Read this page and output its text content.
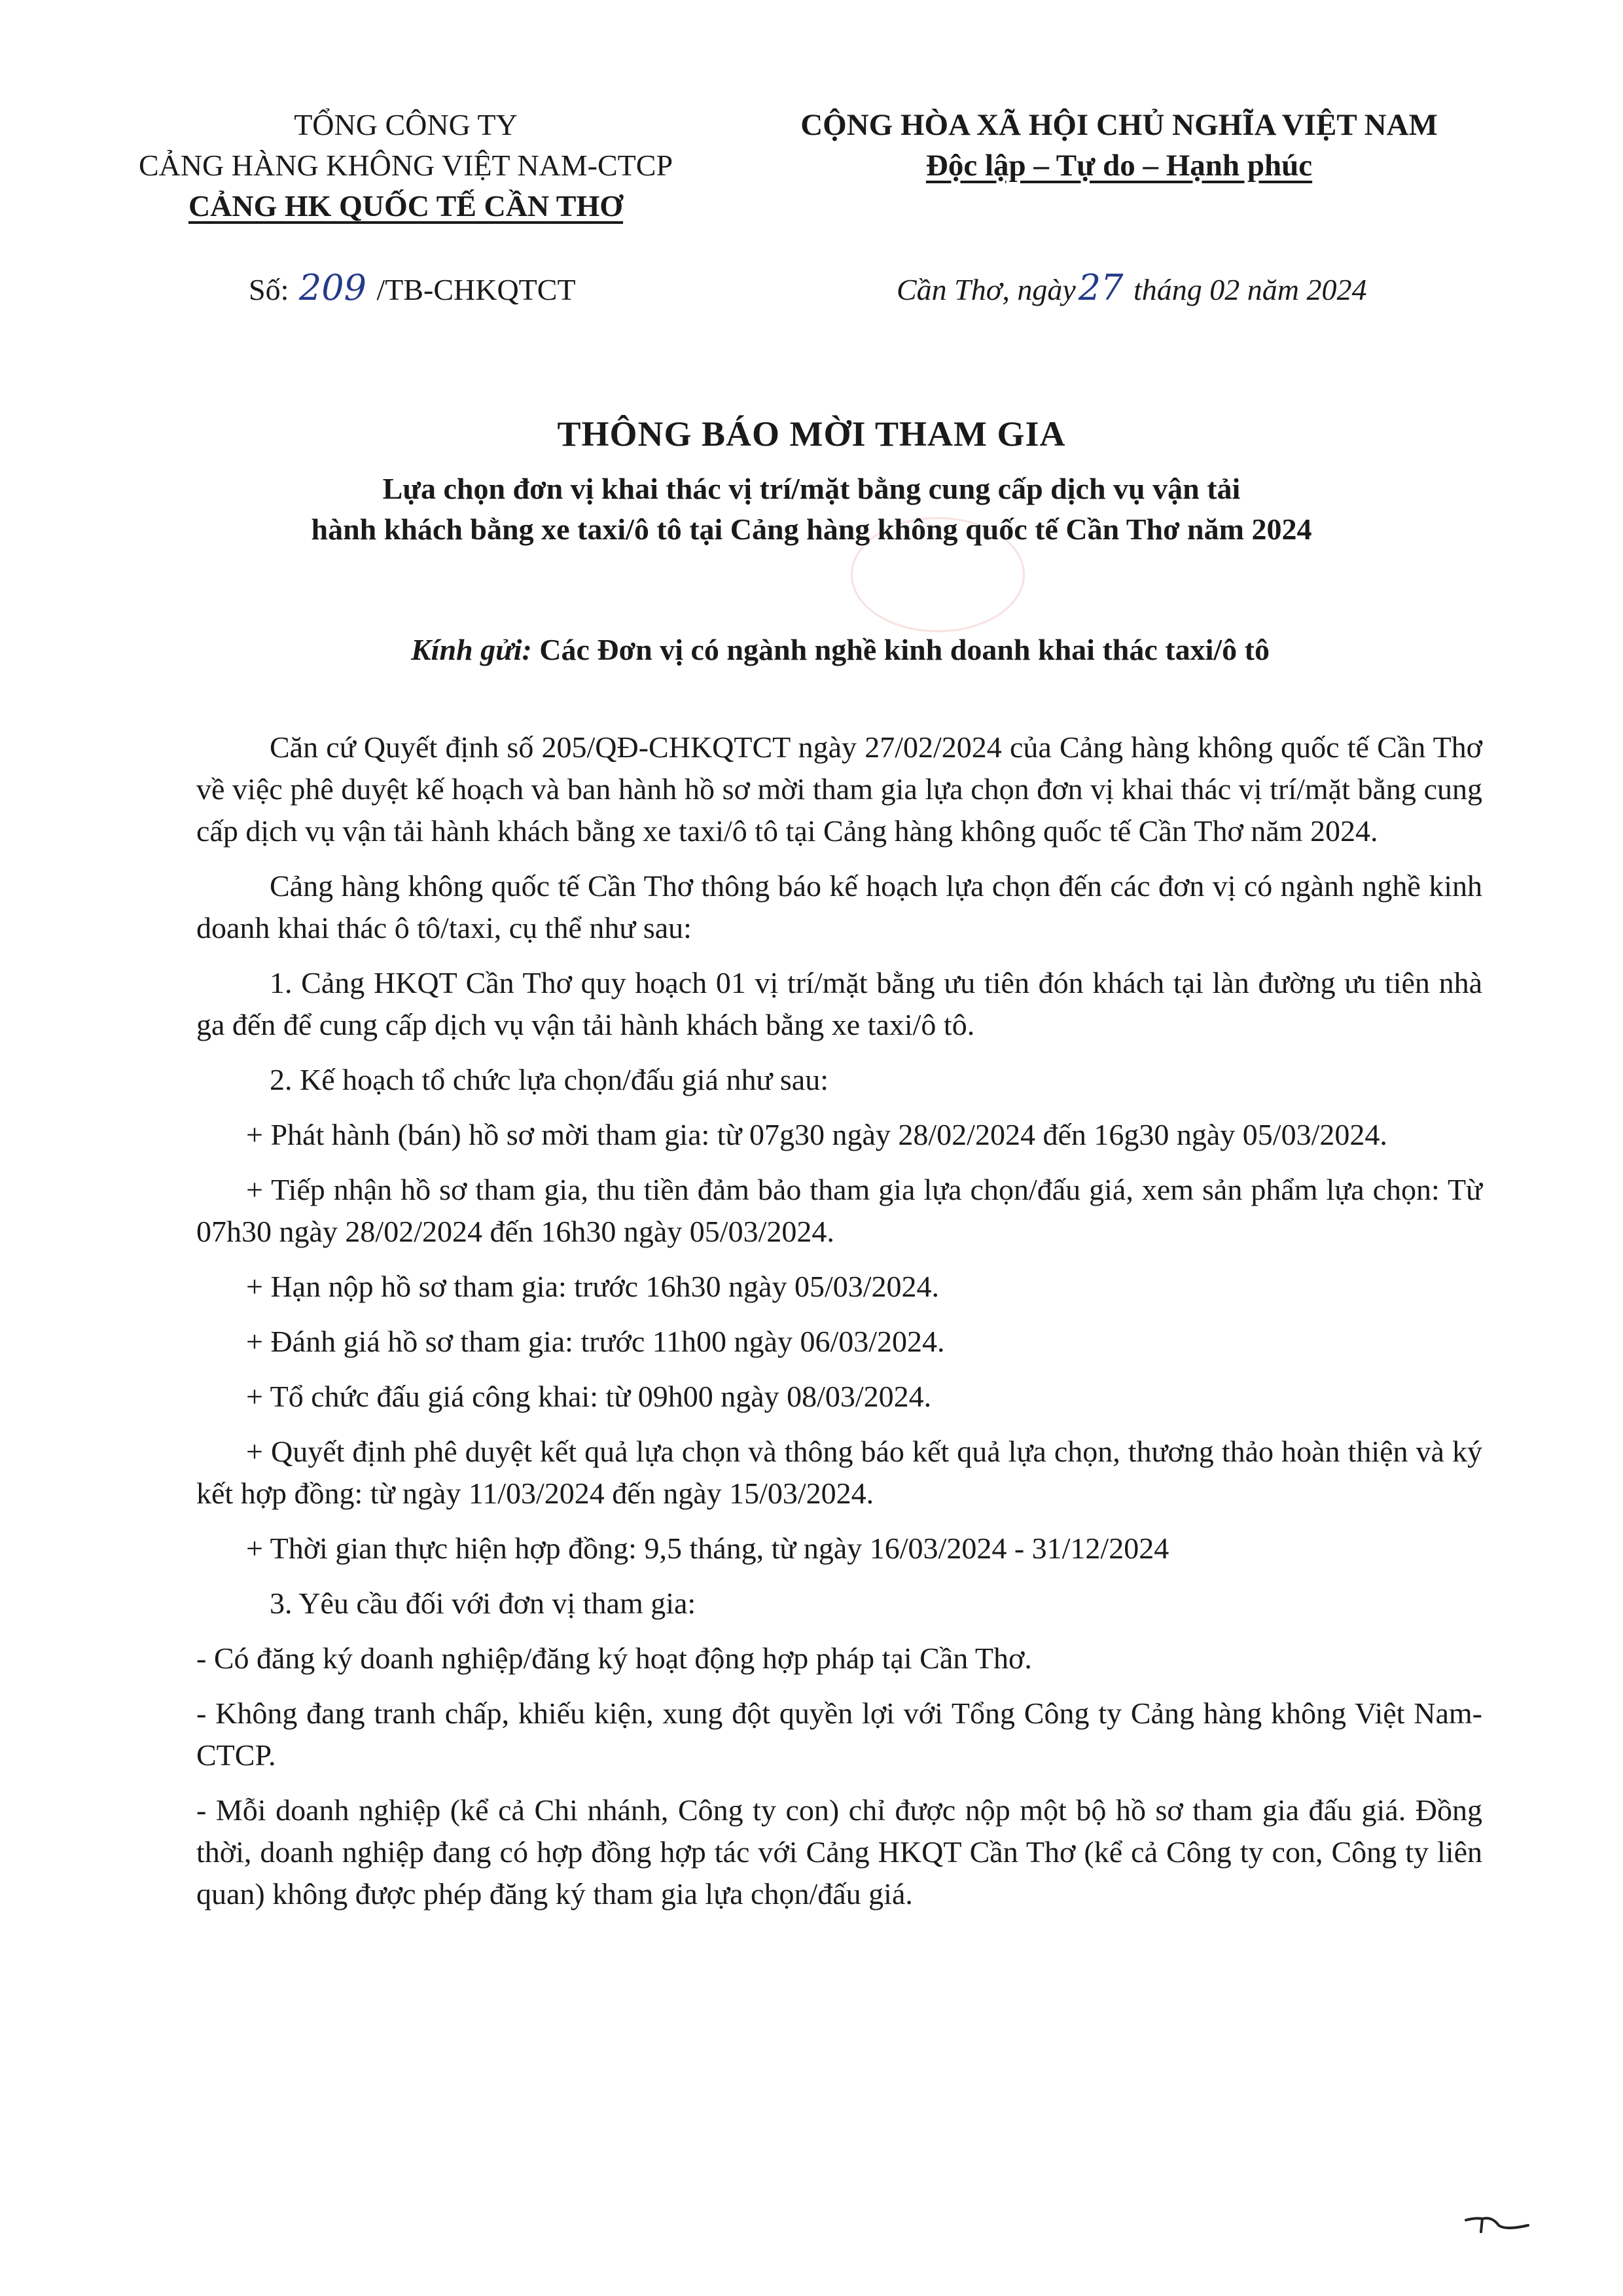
TỔNG CÔNG TY
CẢNG HÀNG KHÔNG VIỆT NAM-CTCP
CẢNG HK QUỐC TẾ CẦN THƠ
CỘNG HÒA XÃ HỘI CHỦ NGHĨA VIỆT NAM
Độc lập – Tự do – Hạnh phúc
Số: 209 /TB-CHKQTCT	Cần Thơ, ngày27 tháng 02 năm 2024
THÔNG BÁO MỜI THAM GIA
Lựa chọn đơn vị khai thác vị trí/mặt bằng cung cấp dịch vụ vận tải
hành khách bằng xe taxi/ô tô tại Cảng hàng không quốc tế Cần Thơ năm 2024
Kính gửi: Các Đơn vị có ngành nghề kinh doanh khai thác taxi/ô tô

Căn cứ Quyết định số 205/QĐ-CHKQTCT ngày 27/02/2024 của Cảng hàng không quốc tế Cần Thơ về việc phê duyệt kế hoạch và ban hành hồ sơ mời tham gia lựa chọn đơn vị khai thác vị trí/mặt bằng cung cấp dịch vụ vận tải hành khách bằng xe taxi/ô tô tại Cảng hàng không quốc tế Cần Thơ năm 2024.

Cảng hàng không quốc tế Cần Thơ thông báo kế hoạch lựa chọn đến các đơn vị có ngành nghề kinh doanh khai thác ô tô/taxi, cụ thể như sau:

1. Cảng HKQT Cần Thơ quy hoạch 01 vị trí/mặt bằng ưu tiên đón khách tại làn đường ưu tiên nhà ga đến để cung cấp dịch vụ vận tải hành khách bằng xe taxi/ô tô.

2. Kế hoạch tổ chức lựa chọn/đấu giá như sau:

+ Phát hành (bán) hồ sơ mời tham gia: từ 07g30 ngày 28/02/2024 đến 16g30 ngày 05/03/2024.

+ Tiếp nhận hồ sơ tham gia, thu tiền đảm bảo tham gia lựa chọn/đấu giá, xem sản phẩm lựa chọn: Từ 07h30 ngày 28/02/2024 đến 16h30 ngày 05/03/2024.

+ Hạn nộp hồ sơ tham gia: trước 16h30 ngày 05/03/2024.

+ Đánh giá hồ sơ tham gia: trước 11h00 ngày 06/03/2024.

+ Tổ chức đấu giá công khai: từ 09h00 ngày 08/03/2024.

+ Quyết định phê duyệt kết quả lựa chọn và thông báo kết quả lựa chọn, thương thảo hoàn thiện và ký kết hợp đồng: từ ngày 11/03/2024 đến ngày 15/03/2024.

+ Thời gian thực hiện hợp đồng: 9,5 tháng, từ ngày 16/03/2024 - 31/12/2024

3. Yêu cầu đối với đơn vị tham gia:

- Có đăng ký doanh nghiệp/đăng ký hoạt động hợp pháp tại Cần Thơ.

- Không đang tranh chấp, khiếu kiện, xung đột quyền lợi với Tổng Công ty Cảng hàng không Việt Nam-CTCP.

- Mỗi doanh nghiệp (kể cả Chi nhánh, Công ty con) chỉ được nộp một bộ hồ sơ tham gia đấu giá. Đồng thời, doanh nghiệp đang có hợp đồng hợp tác với Cảng HKQT Cần Thơ (kể cả Công ty con, Công ty liên quan) không được phép đăng ký tham gia lựa chọn/đấu giá.
